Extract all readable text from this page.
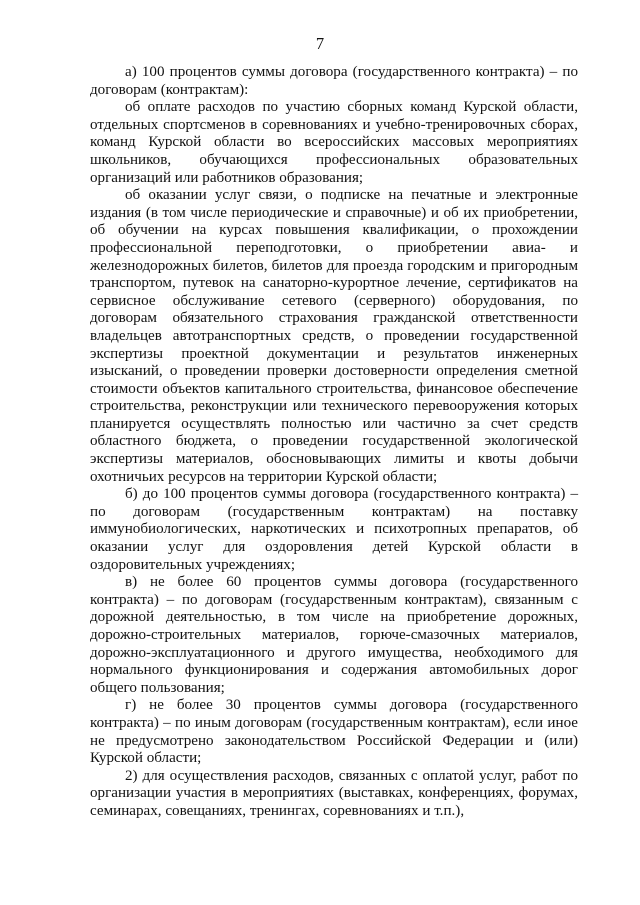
7

а) 100 процентов суммы договора (государственного контракта) – по договорам (контрактам):

об оплате расходов по участию сборных команд Курской области, отдельных спортсменов в соревнованиях и учебно-тренировочных сборах, команд Курской области во всероссийских массовых мероприятиях школьников, обучающихся профессиональных образовательных организаций или работников образования;

об оказании услуг связи, о подписке на печатные и электронные издания (в том числе периодические и справочные) и об их приобретении, об обучении на курсах повышения квалификации, о прохождении профессиональной переподготовки, о приобретении авиа- и железнодорожных билетов, билетов для проезда городским и пригородным транспортом, путевок на санаторно-курортное лечение, сертификатов на сервисное обслуживание сетевого (серверного) оборудования, по договорам обязательного страхования гражданской ответственности владельцев автотранспортных средств, о проведении государственной экспертизы проектной документации и результатов инженерных изысканий, о проведении проверки достоверности определения сметной стоимости объектов капитального строительства, финансовое обеспечение строительства, реконструкции или технического перевооружения которых планируется осуществлять полностью или частично за счет средств областного бюджета, о проведении государственной экологической экспертизы материалов, обосновывающих лимиты и квоты добычи охотничьих ресурсов на территории Курской области;

б) до 100 процентов суммы договора (государственного контракта) – по договорам (государственным контрактам) на поставку иммунобиологических, наркотических и психотропных препаратов, об оказании услуг для оздоровления детей Курской области в оздоровительных учреждениях;

в) не более 60 процентов суммы договора (государственного контракта) – по договорам (государственным контрактам), связанным с дорожной деятельностью, в том числе на приобретение дорожных, дорожно-строительных материалов, горюче-смазочных материалов, дорожно-эксплуатационного и другого имущества, необходимого для нормального функционирования и содержания автомобильных дорог общего пользования;

г) не более 30 процентов суммы договора (государственного контракта) – по иным договорам (государственным контрактам), если иное не предусмотрено законодательством Российской Федерации и (или) Курской области;

2) для осуществления расходов, связанных с оплатой услуг, работ по организации участия в мероприятиях (выставках, конференциях, форумах, семинарах, совещаниях, тренингах, соревнованиях и т.п.),
